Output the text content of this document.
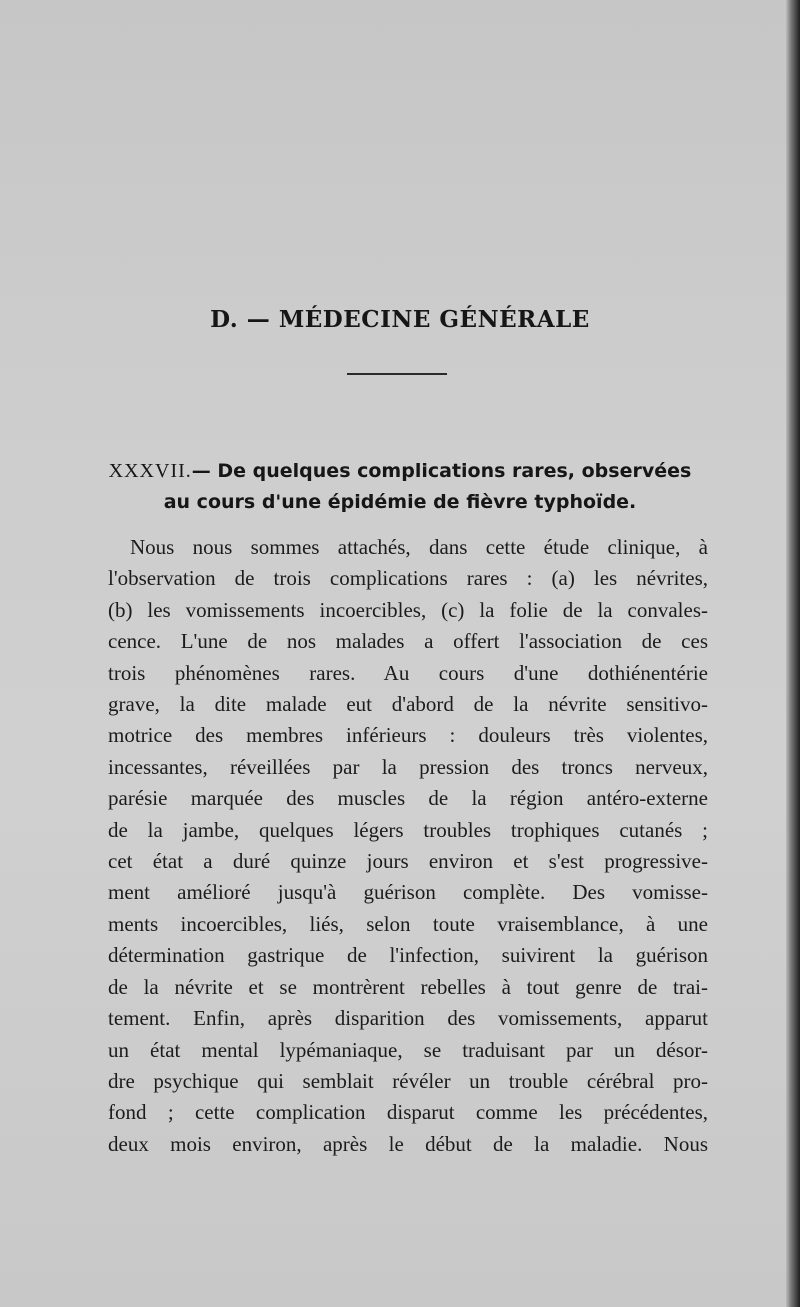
D. — MÉDECINE GÉNÉRALE
XXXVII.— De quelques complications rares, observées
au cours d'une épidémie de fièvre typhoïde.
Nous nous sommes attachés, dans cette étude clinique, à
l'observation de trois complications rares : (a) les névrites,
(b) les vomissements incoercibles, (c) la folie de la convales-
cence. L'une de nos malades a offert l'association de ces
trois phénomènes rares. Au cours d'une dothiénentérie
grave, la dite malade eut d'abord de la névrite sensitivo-
motrice des membres inférieurs : douleurs très violentes,
incessantes, réveillées par la pression des troncs nerveux,
parésie marquée des muscles de la région antéro-externe
de la jambe, quelques légers troubles trophiques cutanés ;
cet état a duré quinze jours environ et s'est progressive-
ment amélioré jusqu'à guérison complète. Des vomisse-
ments incoercibles, liés, selon toute vraisemblance, à une
détermination gastrique de l'infection, suivirent la guérison
de la névrite et se montrèrent rebelles à tout genre de trai-
tement. Enfin, après disparition des vomissements, apparut
un état mental lypémaniaque, se traduisant par un désor-
dre psychique qui semblait révéler un trouble cérébral pro-
fond ; cette complication disparut comme les précédentes,
deux mois environ, après le début de la maladie. Nous
